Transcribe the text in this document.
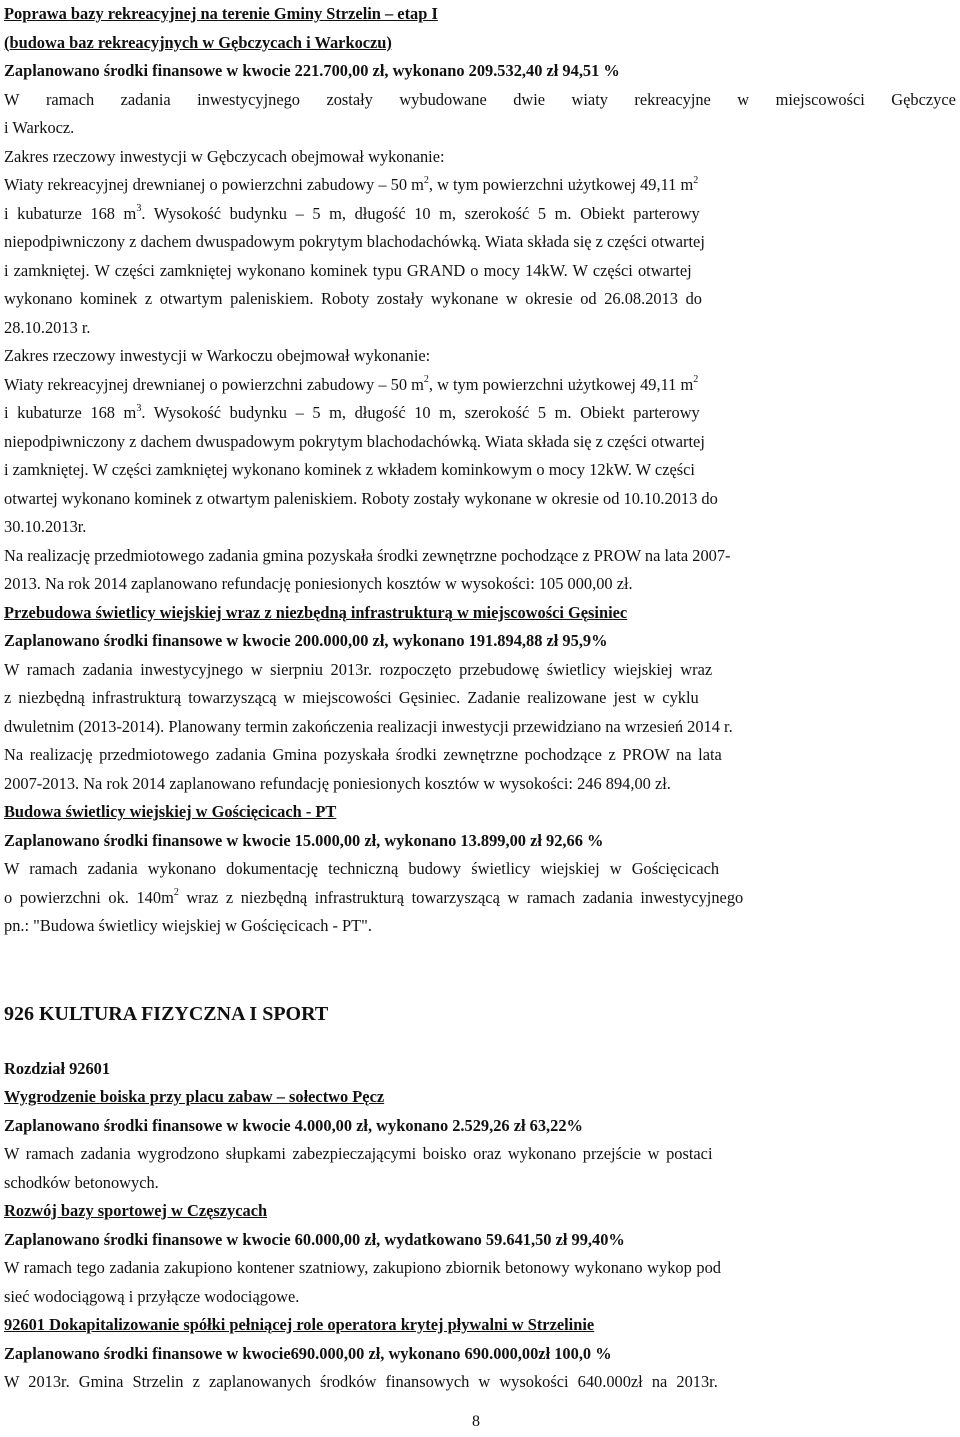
Poprawa bazy rekreacyjnej na terenie Gminy Strzelin – etap I
(budowa baz rekreacyjnych w Gębczycach i Warkoczu)
Zaplanowano środki finansowe w kwocie 221.700,00 zł, wykonano 209.532,40 zł 94,51 %
W ramach zadania inwestycyjnego zostały wybudowane dwie wiaty rekreacyjne w miejscowości Gębczyce
i Warkocz.
Zakres rzeczowy inwestycji w Gębczycach obejmował wykonanie:
Wiaty rekreacyjnej drewnianej o powierzchni zabudowy – 50 $m^2$, w tym powierzchni użytkowej 49,11 $m^2$
i kubaturze 168 $m^3$. Wysokość budynku – 5 m, długość 10 m, szerokość 5 m. Obiekt parterowy
niepodpiwniczony z dachem dwuspadowym pokrytym blachodachówką. Wiata składa się z części otwartej
i zamkniętej. W części zamkniętej wykonano kominek typu GRAND o mocy 14kW. W części otwartej
wykonano kominek z otwartym paleniskiem. Roboty zostały wykonane w okresie od 26.08.2013 do
28.10.2013 r.
Zakres rzeczowy inwestycji w Warkoczu obejmował wykonanie:
Wiaty rekreacyjnej drewnianej o powierzchni zabudowy – 50 $m^2$, w tym powierzchni użytkowej 49,11 $m^2$
i kubaturze 168 $m^3$. Wysokość budynku – 5 m, długość 10 m, szerokość 5 m. Obiekt parterowy
niepodpiwniczony z dachem dwuspadowym pokrytym blachodachówką. Wiata składa się z części otwartej
i zamkniętej. W części zamkniętej wykonano kominek z wkładem kominkowym o mocy 12kW. W części
otwartej wykonano kominek z otwartym paleniskiem. Roboty zostały wykonane w okresie od 10.10.2013 do
30.10.2013r.
Na realizację przedmiotowego zadania gmina pozyskała środki zewnętrzne pochodzące z PROW na lata 2007-
2013. Na rok 2014 zaplanowano refundację poniesionych kosztów w wysokości: 105 000,00 zł.
Przebudowa świetlicy wiejskiej wraz z niezbędną infrastrukturą w miejscowości Gęsiniec
Zaplanowano środki finansowe w kwocie 200.000,00 zł, wykonano 191.894,88 zł 95,9%
W ramach zadania inwestycyjnego w sierpniu 2013r. rozpoczęto przebudowę świetlicy wiejskiej wraz
z niezbędną infrastrukturą towarzyszącą w miejscowości Gęsiniec. Zadanie realizowane jest w cyklu
dwuletnim (2013-2014). Planowany termin zakończenia realizacji inwestycji przewidziano na wrzesień 2014 r.
Na realizację przedmiotowego zadania Gmina pozyskała środki zewnętrzne pochodzące z PROW na lata
2007-2013. Na rok 2014 zaplanowano refundację poniesionych kosztów w wysokości: 246 894,00 zł.
Budowa świetlicy wiejskiej w Gościęcicach - PT
Zaplanowano środki finansowe w kwocie 15.000,00 zł, wykonano 13.899,00 zł 92,66 %
W ramach zadania wykonano dokumentację techniczną budowy świetlicy wiejskiej w Gościęcicach
o powierzchni ok. $140m^2$ wraz z niezbędną infrastrukturą towarzyszącą w ramach zadania inwestycyjnego
pn.: "Budowa świetlicy wiejskiej w Gościęcicach - PT".
926 KULTURA FIZYCZNA I SPORT
Rozdział 92601
Wygrodzenie boiska przy placu zabaw – sołectwo Pęcz
Zaplanowano środki finansowe w kwocie 4.000,00 zł, wykonano 2.529,26 zł 63,22%
W ramach zadania wygrodzono słupkami zabezpieczającymi boisko oraz wykonano przejście w postaci
schodków betonowych.
Rozwój bazy sportowej w Częszycach
Zaplanowano środki finansowe w kwocie 60.000,00 zł, wydatkowano 59.641,50 zł 99,40%
W ramach tego zadania zakupiono kontener szatniowy, zakupiono zbiornik betonowy wykonano wykop pod
sieć wodociągową i przyłącze wodociągowe.
92601 Dokapitalizowanie spółki pełniącej role operatora krytej pływalni w Strzelinie
Zaplanowano środki finansowe w kwocie690.000,00 zł, wykonano 690.000,00zł 100,0 %
W 2013r. Gmina Strzelin z zaplanowanych środków finansowych w wysokości 640.000zł na 2013r.
8
